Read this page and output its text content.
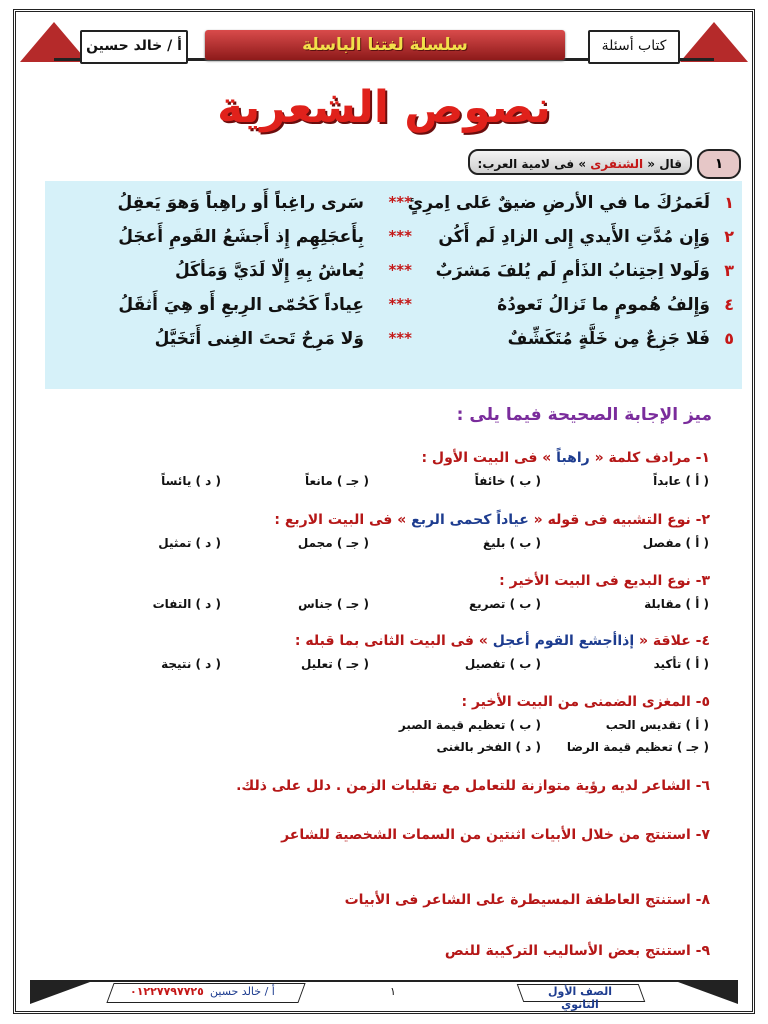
سلسلة لغتنا الباسلة
أ / خالد حسين	كتاب أسئلة
نصوص الشعرية
١
قال « الشنفرى » فى لامية العرب:
١
لَعَمرُكَ ما في الأرضِ ضيقٌ عَلى اِمرِئٍ
***
سَرى راغِباً أَو راهِباً وَهوَ يَعقِلُ
٢
وَإِن مُدَّتِ الأَيدي إِلى الزادِ لَم أَكُن
***
بِأَعجَلِهِم إِذ أَجشَعُ القَومِ أَعجَلُ
٣
وَلَولا اِجتِنابُ الذَأمِ لَم يُلفَ مَشرَبٌ
***
يُعاشُ بِهِ إِلّا لَدَيَّ وَمَأكَلُ
٤
وَإِلفُ هُمومٍ ما تَزالُ تَعودُهُ
***
عِياداً كَحُمّى الرِبعِ أَو هِيَ أَثقَلُ
٥
فَلا جَزِعٌ مِن خَلَّةٍ مُتَكَشِّفٌ
***
وَلا مَرِحٌ تَحتَ الغِنى أَتَخَيَّلُ
ميز الإجابة الصحيحة فيما يلى :
١- مرادف كلمة « راهباً » فى البيت الأول :
( أ ) عابداً
( ب ) خائفاً
( جـ ) مانعاً
( د ) يائساً
٢- نوع التشبيه فى قوله « عياداً كحمى الربع » فى البيت الاربع :
( أ ) مفصل
( ب ) بليغ
( جـ ) مجمل
( د ) تمثيل
٣- نوع البديع فى البيت الأخير :
( أ ) مقابلة
( ب ) تصريع
( جـ ) جناس
( د ) التفات
٤- علاقة « إذاأجشع القوم أعجل » فى البيت الثانى بما قبله :
( أ ) تأكيد
( ب ) تفصيل
( جـ ) تعليل
( د ) نتيجة
٥- المغزى الضمنى من البيت الأخير :
( أ ) تقديس الحب
( ب ) تعظيم قيمة الصبر
( جـ ) تعظيم قيمة الرضا
( د ) الفخر بالغنى
٦- الشاعر لديه رؤية متوازنة للتعامل مع تقلبات الزمن . دلل على ذلك.
٧- استنتج من خلال الأبيات اثنتين من السمات الشخصية للشاعر
٨- استنتج العاطفة المسيطرة على الشاعر فى الأبيات
٩- استنتج بعض الأساليب التركيبة للنص
٠١٢٢٧٧٩٧٧٢٥ أ / خالد حسين	١	الصف الأول الثانوي
